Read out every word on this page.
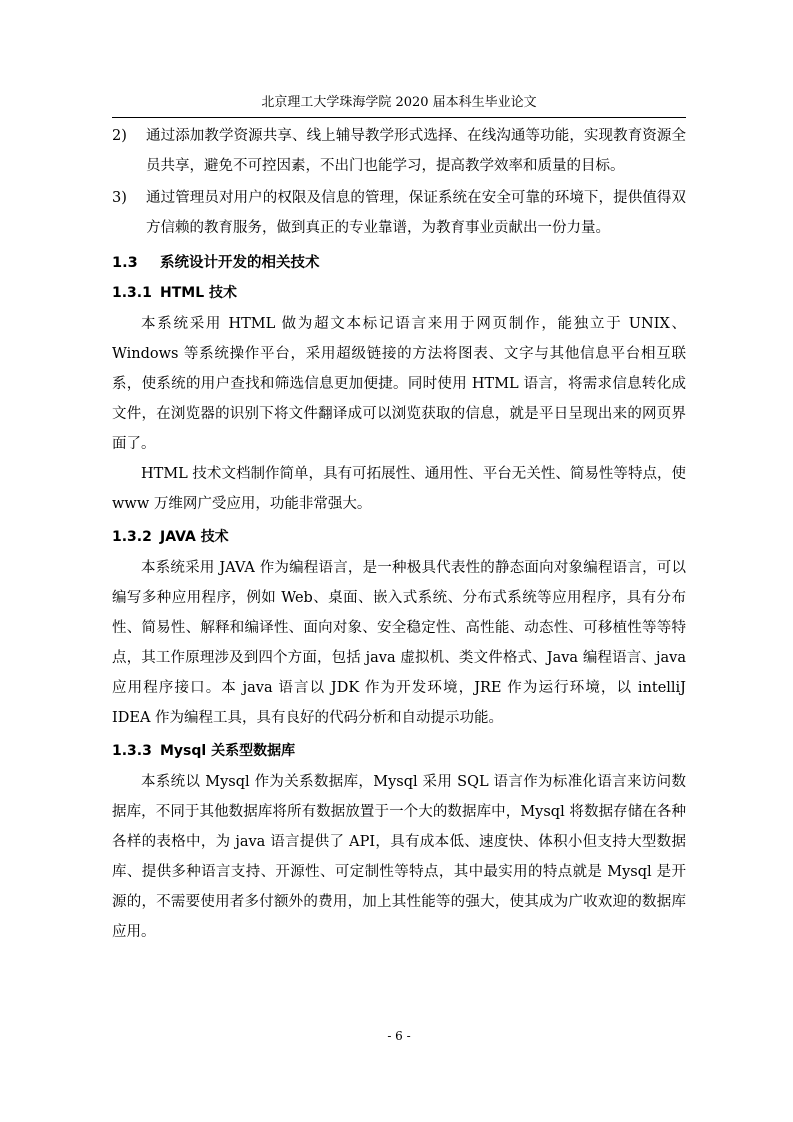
北京理工大学珠海学院 2020 届本科生毕业论文
2)	通过添加教学资源共享、线上辅导教学形式选择、在线沟通等功能，实现教育资源全员共享，避免不可控因素，不出门也能学习，提高教学效率和质量的目标。
3)	通过管理员对用户的权限及信息的管理，保证系统在安全可靠的环境下，提供值得双方信赖的教育服务，做到真正的专业靠谱，为教育事业贡献出一份力量。
1.3 系统设计开发的相关技术
1.3.1 HTML 技术

本系统采用 HTML 做为超文本标记语言来用于网页制作，能独立于 UNIX、Windows 等系统操作平台，采用超级链接的方法将图表、文字与其他信息平台相互联系，使系统的用户查找和筛选信息更加便捷。同时使用 HTML 语言，将需求信息转化成文件，在浏览器的识别下将文件翻译成可以浏览获取的信息，就是平日呈现出来的网页界面了。

HTML 技术文档制作简单，具有可拓展性、通用性、平台无关性、简易性等特点，使 www 万维网广受应用，功能非常强大。

1.3.2 JAVA 技术

本系统采用 JAVA 作为编程语言，是一种极具代表性的静态面向对象编程语言，可以编写多种应用程序，例如 Web、桌面、嵌入式系统、分布式系统等应用程序，具有分布性、简易性、解释和编译性、面向对象、安全稳定性、高性能、动态性、可移植性等等特点，其工作原理涉及到四个方面，包括 java 虚拟机、类文件格式、Java 编程语言、java 应用程序接口。本 java 语言以 JDK 作为开发环境，JRE 作为运行环境，以 intelliJ IDEA 作为编程工具，具有良好的代码分析和自动提示功能。

1.3.3 Mysql 关系型数据库

本系统以 Mysql 作为关系数据库，Mysql 采用 SQL 语言作为标准化语言来访问数据库，不同于其他数据库将所有数据放置于一个大的数据库中，Mysql 将数据存储在各种各样的表格中，为 java 语言提供了 API，具有成本低、速度快、体积小但支持大型数据库、提供多种语言支持、开源性、可定制性等特点，其中最实用的特点就是 Mysql 是开源的，不需要使用者多付额外的费用，加上其性能等的强大，使其成为广收欢迎的数据库应用。

- 6 -
